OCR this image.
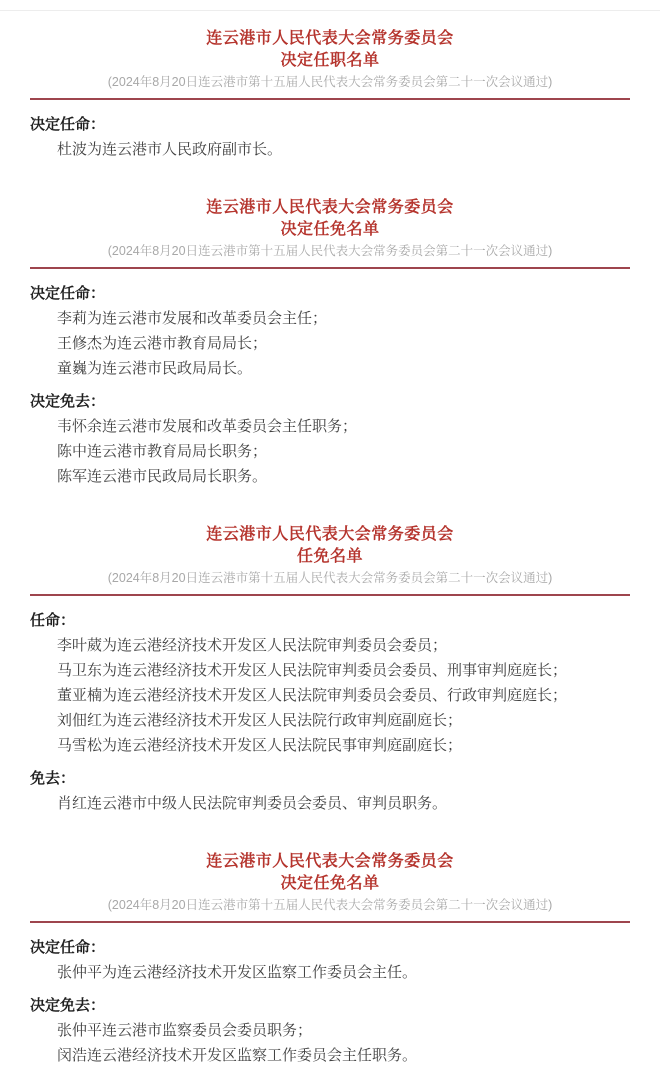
连云港市人民代表大会常务委员会
决定任职名单
(2024年8月20日连云港市第十五届人民代表大会常务委员会第二十一次会议通过)
决定任命：
杜波为连云港市人民政府副市长。
连云港市人民代表大会常务委员会
决定任免名单
(2024年8月20日连云港市第十五届人民代表大会常务委员会第二十一次会议通过)
决定任命：
李莉为连云港市发展和改革委员会主任；
王修杰为连云港市教育局局长；
童巍为连云港市民政局局长。
决定免去：
韦怀余连云港市发展和改革委员会主任职务；
陈中连云港市教育局局长职务；
陈军连云港市民政局局长职务。
连云港市人民代表大会常务委员会
任免名单
(2024年8月20日连云港市第十五届人民代表大会常务委员会第二十一次会议通过)
任命：
李叶葳为连云港经济技术开发区人民法院审判委员会委员；
马卫东为连云港经济技术开发区人民法院审判委员会委员、刑事审判庭庭长；
董亚楠为连云港经济技术开发区人民法院审判委员会委员、行政审判庭庭长；
刘佃红为连云港经济技术开发区人民法院行政审判庭副庭长；
马雪松为连云港经济技术开发区人民法院民事审判庭副庭长；
免去：
肖红连云港市中级人民法院审判委员会委员、审判员职务。
连云港市人民代表大会常务委员会
决定任免名单
(2024年8月20日连云港市第十五届人民代表大会常务委员会第二十一次会议通过)
决定任命：
张仲平为连云港经济技术开发区监察工作委员会主任。
决定免去：
张仲平连云港市监察委员会委员职务；
闵浩连云港经济技术开发区监察工作委员会主任职务。
